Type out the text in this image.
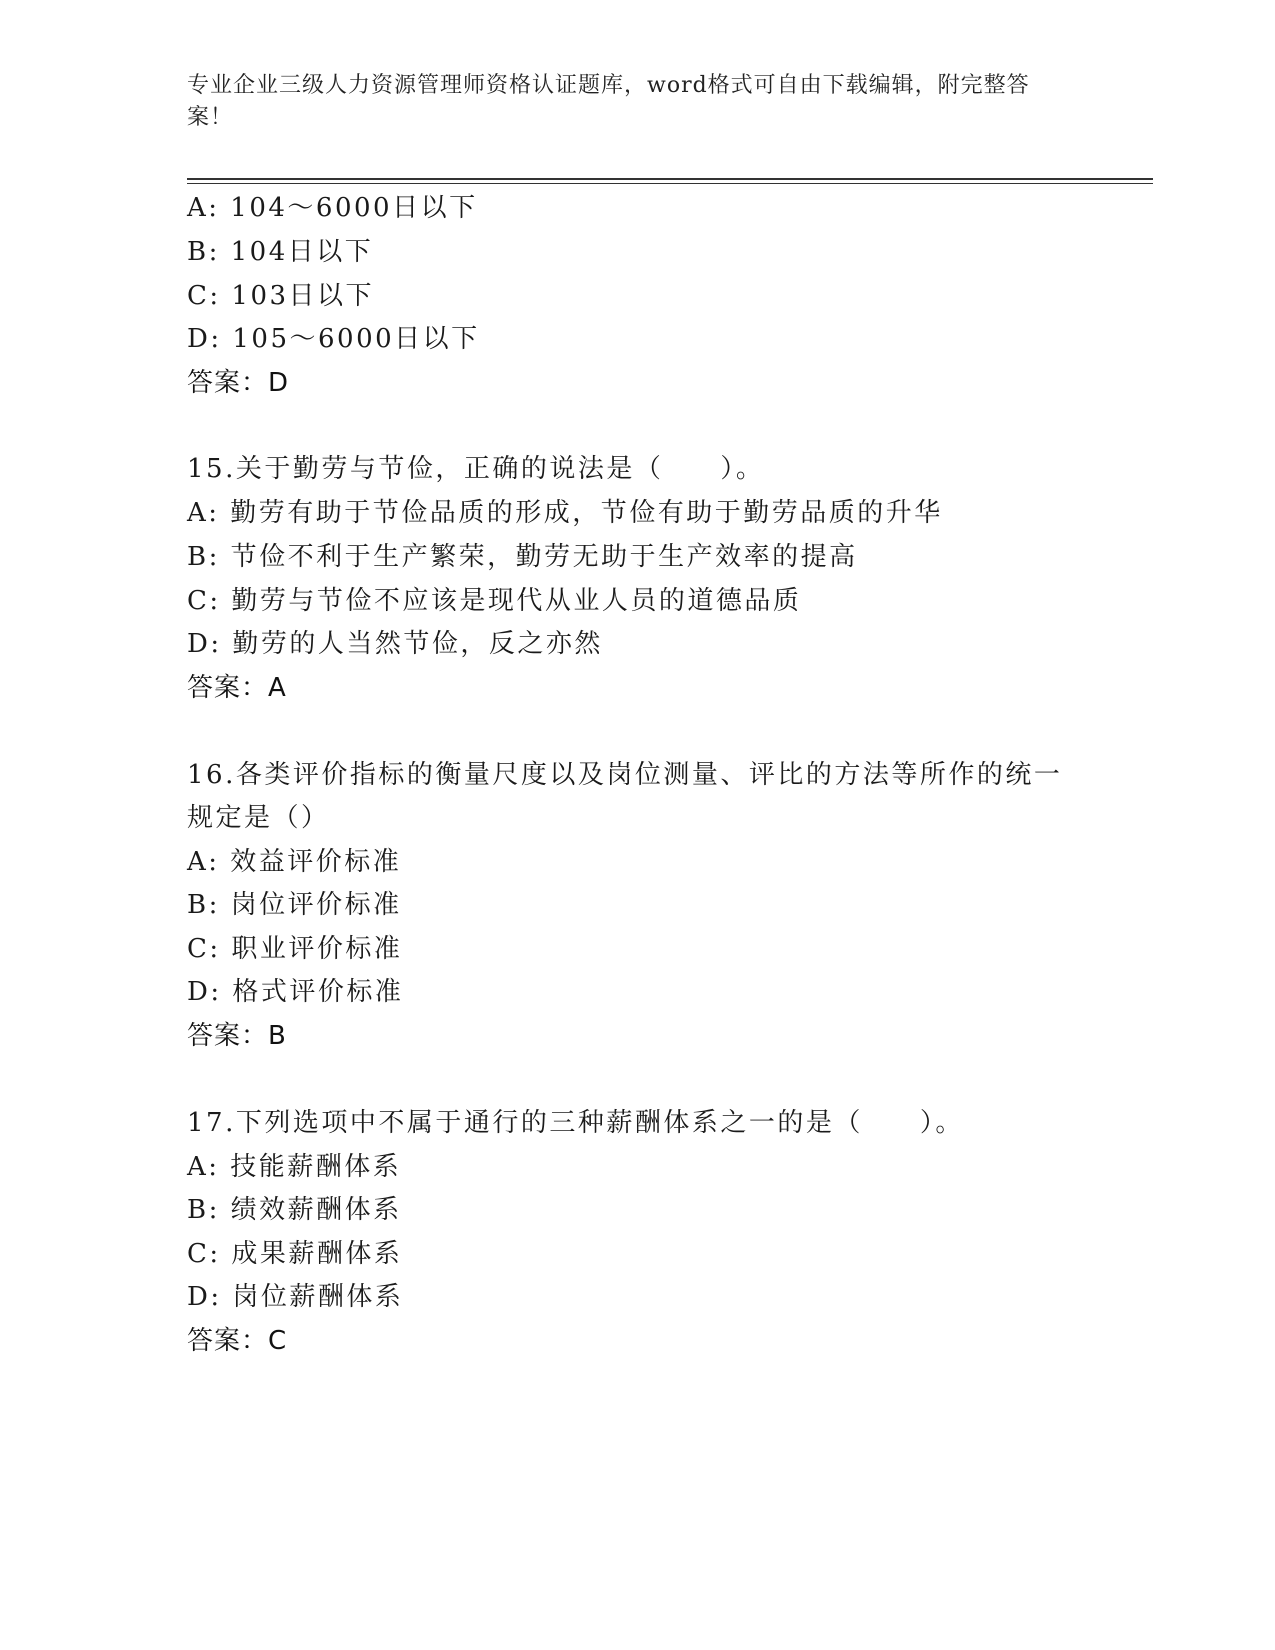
专业企业三级人力资源管理师资格认证题库，word格式可自由下载编辑，附完整答案！
A: 104～6000日以下
B: 104日以下
C: 103日以下
D: 105～6000日以下
答案：D
15.关于勤劳与节俭，正确的说法是（　　）。
A: 勤劳有助于节俭品质的形成，节俭有助于勤劳品质的升华
B: 节俭不利于生产繁荣，勤劳无助于生产效率的提高
C: 勤劳与节俭不应该是现代从业人员的道德品质
D: 勤劳的人当然节俭，反之亦然
答案：A
16.各类评价指标的衡量尺度以及岗位测量、评比的方法等所作的统一
规定是（）
A: 效益评价标准
B: 岗位评价标准
C: 职业评价标准
D: 格式评价标准
答案：B
17.下列选项中不属于通行的三种薪酬体系之一的是（　　）。
A: 技能薪酬体系
B: 绩效薪酬体系
C: 成果薪酬体系
D: 岗位薪酬体系
答案：C
